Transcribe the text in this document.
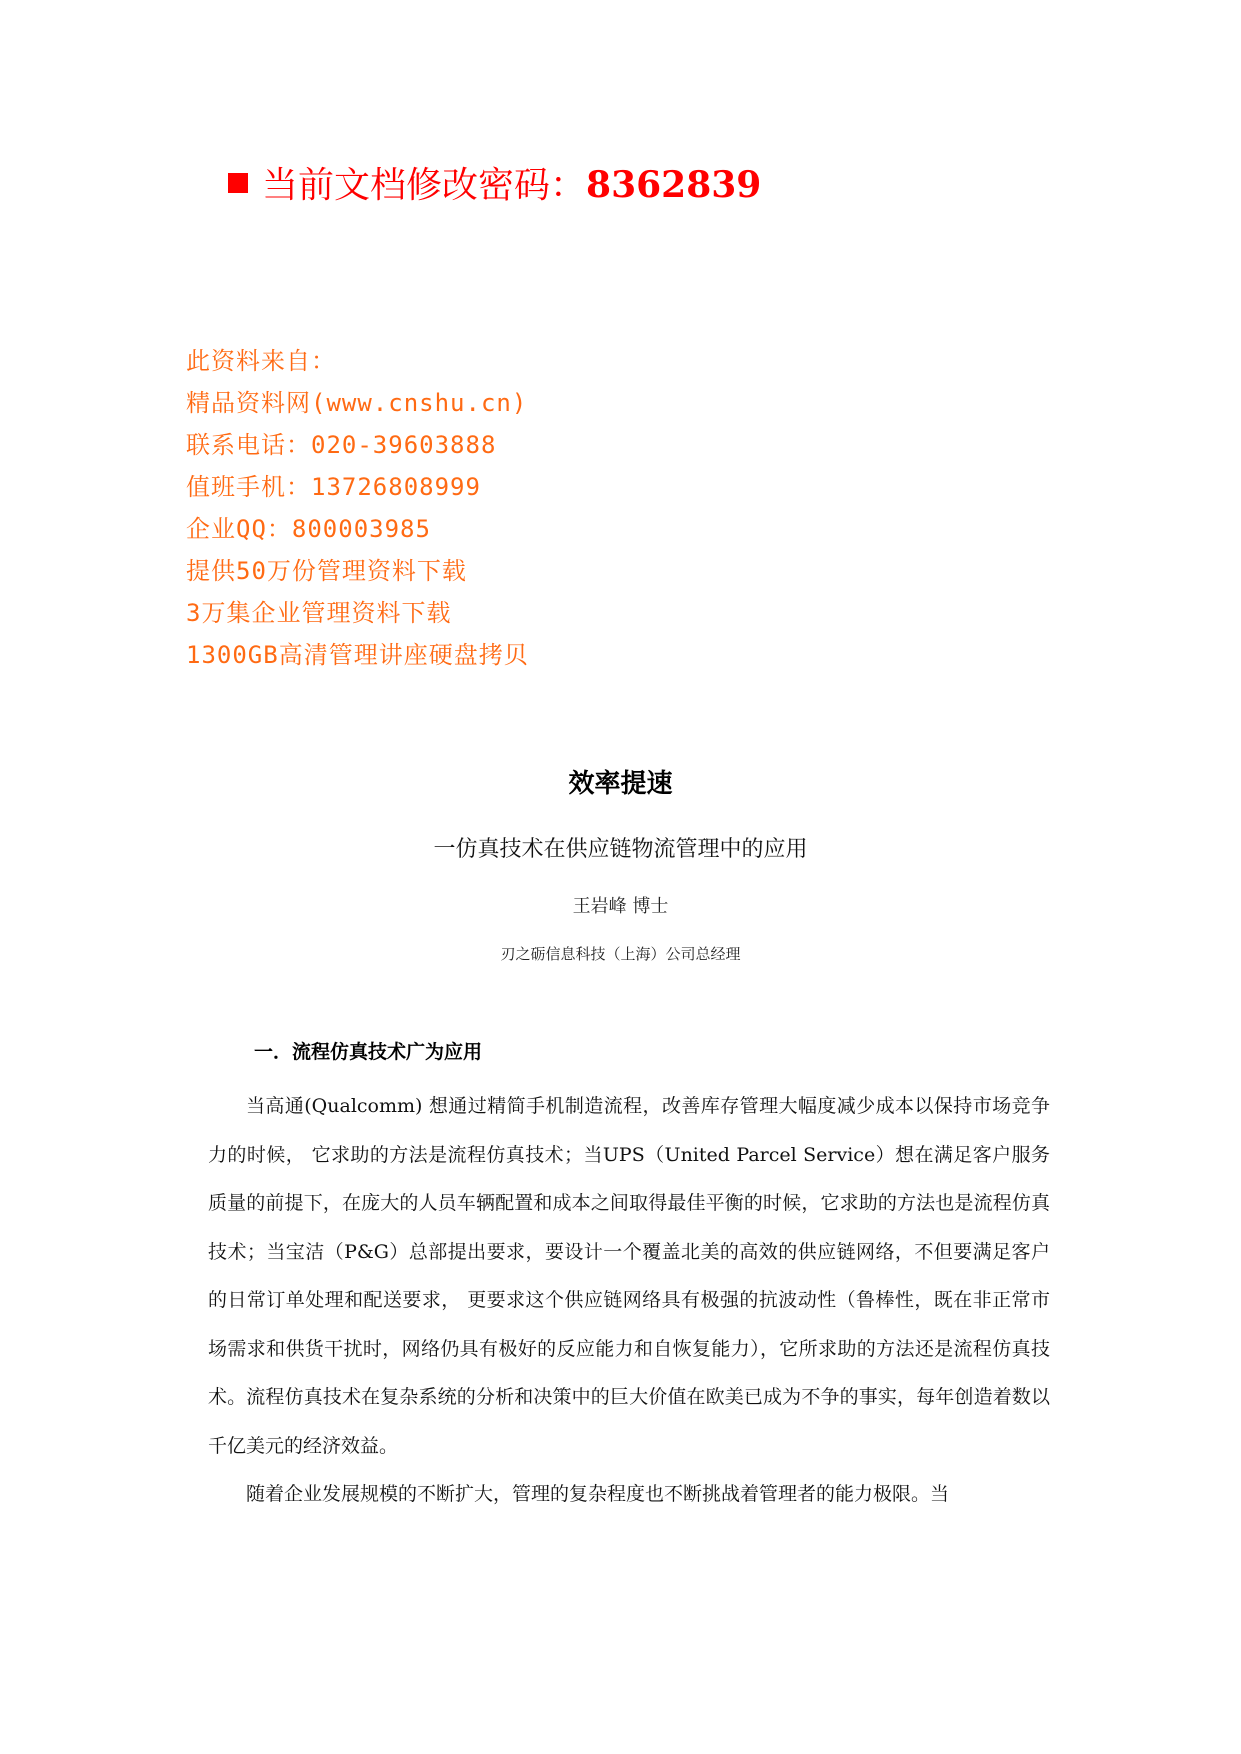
当前文档修改密码：8362839
此资料来自：
精品资料网(www.cnshu.cn)
联系电话：020-39603888
值班手机：13726808999
企业QQ：800003985
提供50万份管理资料下载
3万集企业管理资料下载
1300GB高清管理讲座硬盘拷贝
效率提速
一仿真技术在供应链物流管理中的应用
王岩峰 博士
刃之砺信息科技（上海）公司总经理
一．流程仿真技术广为应用

当高通(Qualcomm) 想通过精简手机制造流程，改善库存管理大幅度减少成本以保持市场竞争力的时候， 它求助的方法是流程仿真技术；当UPS（United Parcel Service）想在满足客户服务质量的前提下，在庞大的人员车辆配置和成本之间取得最佳平衡的时候，它求助的方法也是流程仿真技术；当宝洁（P&G）总部提出要求，要设计一个覆盖北美的高效的供应链网络，不但要满足客户的日常订单处理和配送要求， 更要求这个供应链网络具有极强的抗波动性（鲁棒性，既在非正常市场需求和供货干扰时，网络仍具有极好的反应能力和自恢复能力），它所求助的方法还是流程仿真技术。流程仿真技术在复杂系统的分析和决策中的巨大价值在欧美已成为不争的事实，每年创造着数以千亿美元的经济效益。

随着企业发展规模的不断扩大，管理的复杂程度也不断挑战着管理者的能力极限。当
